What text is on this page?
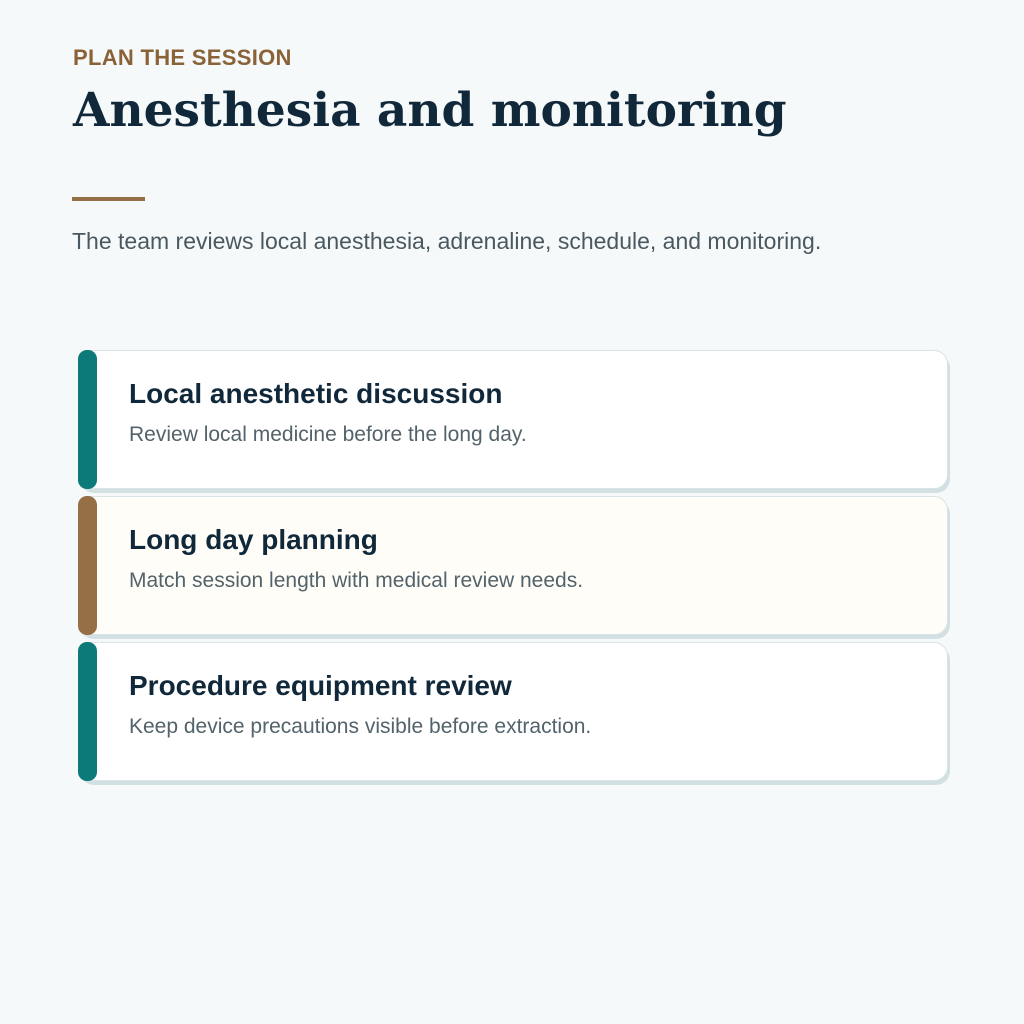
PLAN THE SESSION
Anesthesia and monitoring

The team reviews local anesthesia, adrenaline, schedule, and monitoring.

Local anesthetic discussion
Review local medicine before the long day.
Long day planning
Match session length with medical review needs.
Procedure equipment review
Keep device precautions visible before extraction.
